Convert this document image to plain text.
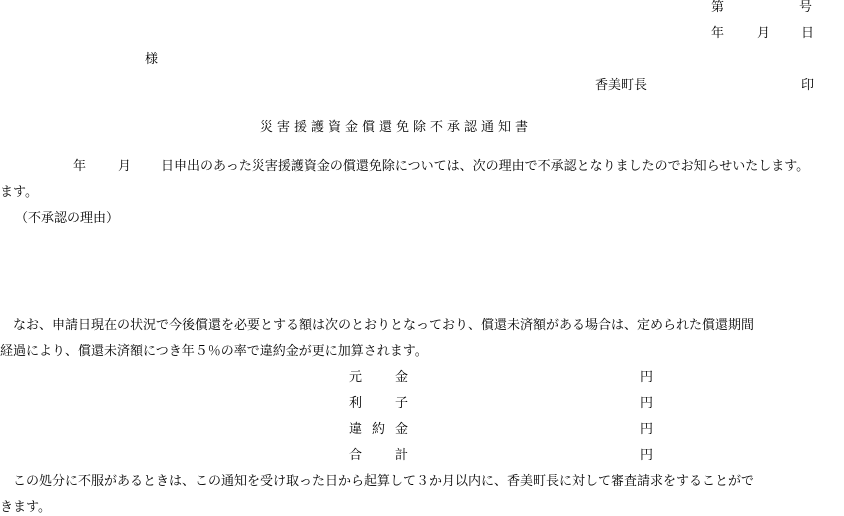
第	号
年	月 日
様
香美町長	印
災害援護資金償還免除不承認通知書
年 月 日申出のあった災害援護資金の償還免除については、次の理由で不承認となりましたのでお知らせいたします。
ます。
（不承認の理由）
なお、申請日現在の状況で今後償還を必要とする額は次のとおりとなっており、償還未済額がある場合は、定められた償還期間
経過により、償還未済額につき年５％の率で違約金が更に加算されます。
元　金	円
利　子	円
違約金	円
合　計	円
この処分に不服があるときは、この通知を受け取った日から起算して３か月以内に、香美町長に対して審査請求をすることがで
きます。
